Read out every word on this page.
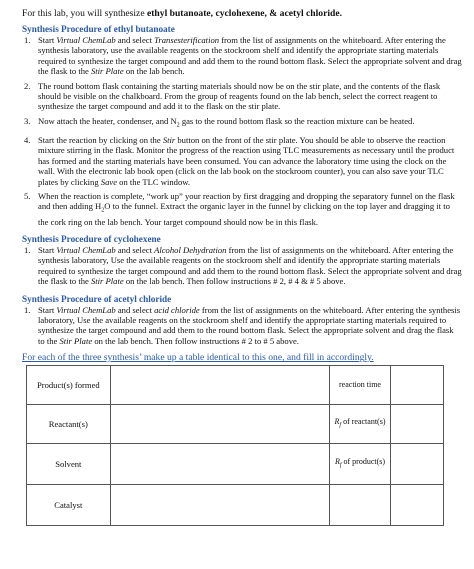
For this lab, you will synthesize ethyl butanoate, cyclohexene, & acetyl chloride.

Synthesis Procedure of ethyl butanoate

1. Start Virtual ChemLab and select Transesterification from the list of assignments on the whiteboard. After entering the synthesis laboratory, use the available reagents on the stockroom shelf and identify the appropriate starting materials required to synthesize the target compound and add them to the round bottom flask. Select the appropriate solvent and drag the flask to the Stir Plate on the lab bench.
2. The round bottom flask containing the starting materials should now be on the stir plate, and the contents of the flask should be visible on the chalkboard. From the group of reagents found on the lab bench, select the correct reagent to synthesize the target compound and add it to the flask on the stir plate.
3. Now attach the heater, condenser, and $N_2$ gas to the round bottom flask so the reaction mixture can be heated.
4. Start the reaction by clicking on the Stir button on the front of the stir plate. You should be able to observe the reaction mixture stirring in the flask. Monitor the progress of the reaction using TLC measurements as necessary until the product has formed and the starting materials have been consumed. You can advance the laboratory time using the clock on the wall. With the electronic lab book open (click on the lab book on the stockroom counter), you can also save your TLC plates by clicking Save on the TLC window.
5. When the reaction is complete, “work up” your reaction by first dragging and dropping the separatory funnel on the flask and then adding $H_2O$ to the funnel. Extract the organic layer in the funnel by clicking on the top layer and dragging it to the cork ring on the lab bench. Your target compound should now be in this flask.

Synthesis Procedure of cyclohexene

1. Start Virtual ChemLab and select Alcohol Dehydration from the list of assignments on the whiteboard. After entering the synthesis laboratory, Use the available reagents on the stockroom shelf and identify the appropriate starting materials required to synthesize the target compound and add them to the round bottom flask. Select the appropriate solvent and drag the flask to the Stir Plate on the lab bench. Then follow instructions # 2, # 4 & # 5 above.

Synthesis Procedure of acetyl chloride

1. Start Virtual ChemLab and select acid chloride from the list of assignments on the whiteboard. After entering the synthesis laboratory, Use the available reagents on the stockroom shelf and identify the appropriate starting materials required to synthesize the target compound and add them to the round bottom flask. Select the appropriate solvent and drag the flask to the Stir Plate on the lab bench. Then follow instructions # 2 to # 5 above.

For each of the three synthesis’ make up a table identical to this one, and fill in accordingly.

Product(s) formed		reaction time	
Reactant(s)		$R_f$ of reactant(s)	
Solvent		$R_f$ of product(s)	
Catalyst			
